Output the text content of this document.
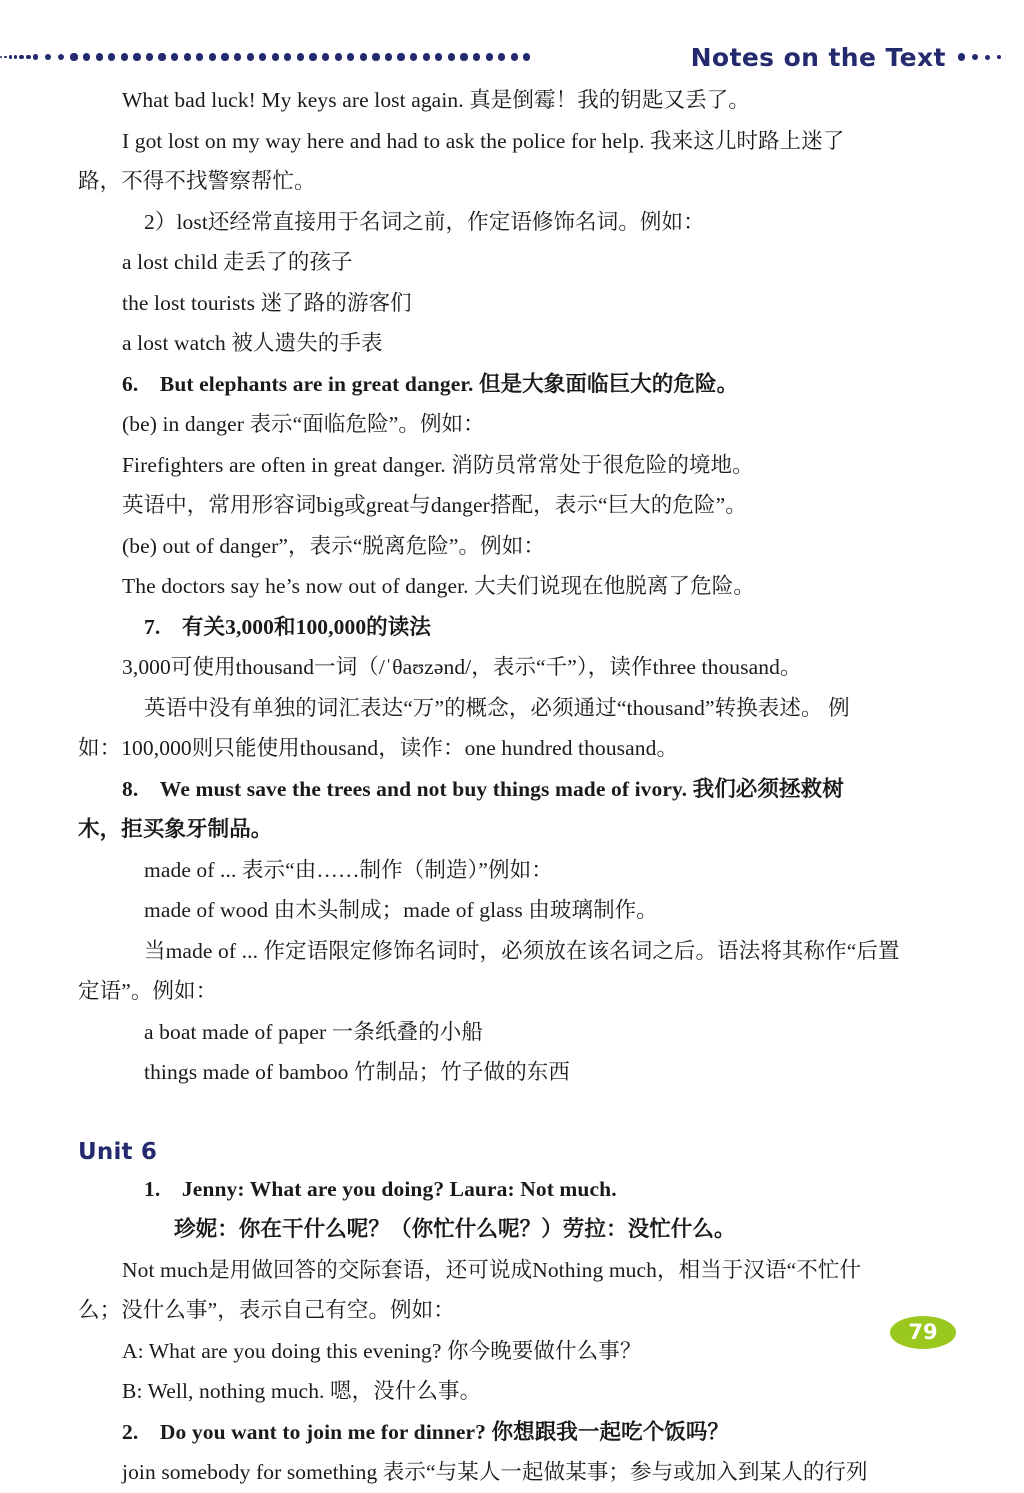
Notes on the Text
What bad luck! My keys are lost again. 真是倒霉！我的钥匙又丢了。
I got lost on my way here and had to ask the police for help. 我来这儿时路上迷了
路，不得不找警察帮忙。
2）lost还经常直接用于名词之前，作定语修饰名词。例如：
a lost child 走丢了的孩子
the lost tourists 迷了路的游客们
a lost watch 被人遗失的手表
6.　But elephants are in great danger. 但是大象面临巨大的危险。
(be) in danger 表示“面临危险”。例如：
Firefighters are often in great danger. 消防员常常处于很危险的境地。
英语中，常用形容词big或great与danger搭配，表示“巨大的危险”。
(be) out of danger”，表示“脱离危险”。例如：
The doctors say he’s now out of danger. 大夫们说现在他脱离了危险。
7.　有关3,000和100,000的读法
3,000可使用thousand一词（/ˈθaʊzənd/，表示“千”），读作three thousand。
英语中没有单独的词汇表达“万”的概念，必须通过“thousand”转换表述。 例
如：100,000则只能使用thousand，读作：one hundred thousand。
8.　We must save the trees and not buy things made of ivory. 我们必须拯救树
木，拒买象牙制品。
made of ... 表示“由……制作（制造）”例如：
made of wood 由木头制成；made of glass 由玻璃制作。
当made of ... 作定语限定修饰名词时，必须放在该名词之后。语法将其称作“后置
定语”。例如：
a boat made of paper 一条纸叠的小船
things made of bamboo 竹制品；竹子做的东西
Unit 6
1.　Jenny: What are you doing? Laura: Not much.
珍妮：你在干什么呢？（你忙什么呢？）劳拉：没忙什么。
Not much是用做回答的交际套语，还可说成Nothing much，相当于汉语“不忙什
么；没什么事”，表示自己有空。例如：
A: What are you doing this evening? 你今晚要做什么事？
B: Well, nothing much. 嗯，没什么事。
2.　Do you want to join me for dinner? 你想跟我一起吃个饭吗？
join somebody for something 表示“与某人一起做某事；参与或加入到某人的行列
79
